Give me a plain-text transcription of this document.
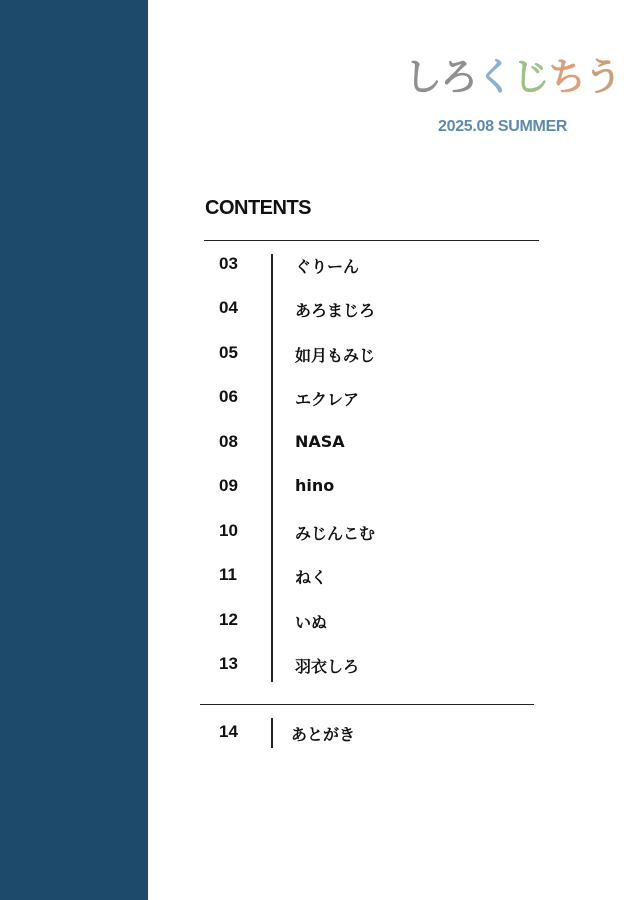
しろくじちう
2025.08 SUMMER
CONTENTS
03	ぐりーん
04	あろまじろ
05	如月もみじ
06	エクレア
08	NASA
09	hino
10	みじんこむ
11	ねく
12	いぬ
13	羽衣しろ
14	あとがき
